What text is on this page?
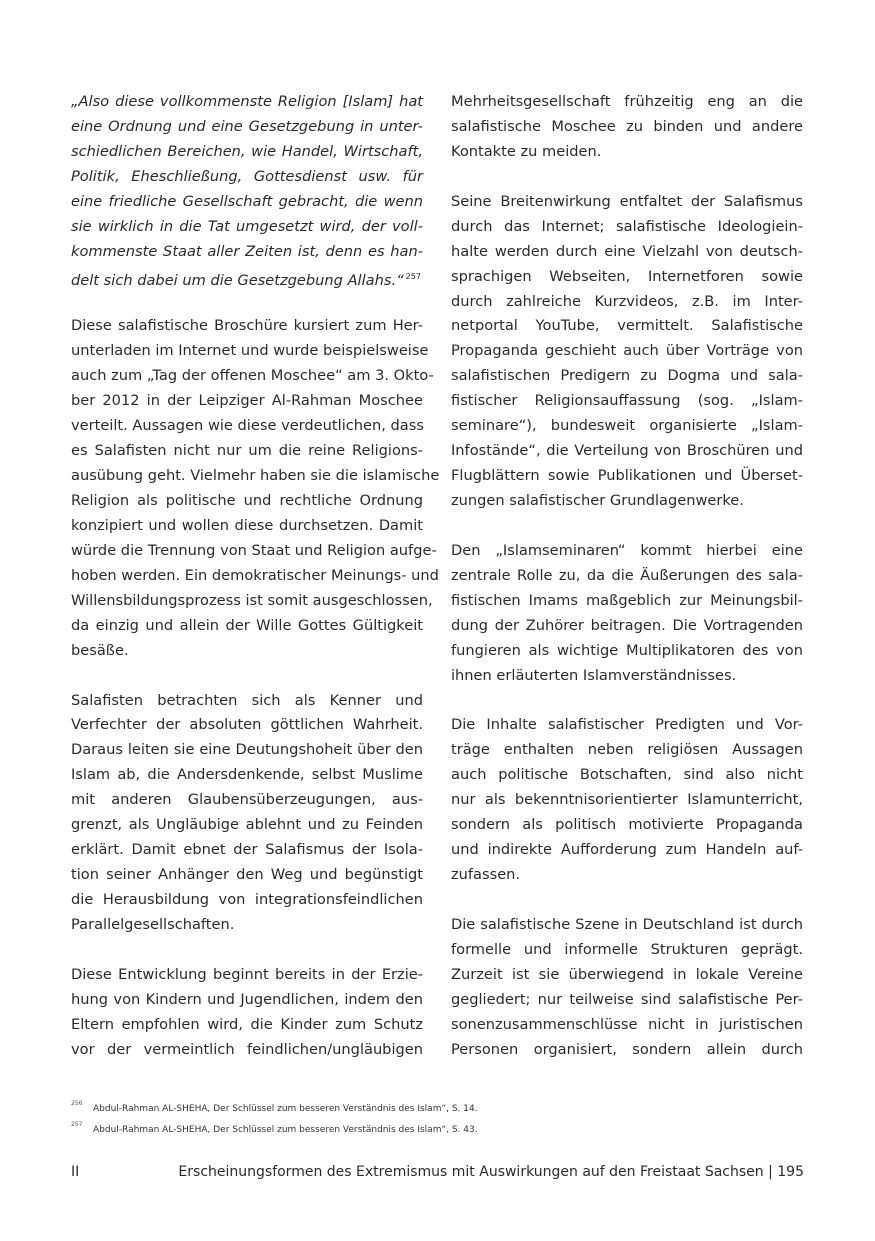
„Also diese vollkommenste Religion [Islam] hat
eine Ordnung und eine Gesetzgebung in unter-
schiedlichen Bereichen, wie Handel, Wirtschaft,
Politik, Eheschließung, Gottesdienst usw. für
eine friedliche Gesellschaft gebracht, die wenn
sie wirklich in die Tat umgesetzt wird, der voll-
kommenste Staat aller Zeiten ist, denn es han-
delt sich dabei um die Gesetzgebung Allahs.“ $^{257}$
Diese salafistische Broschüre kursiert zum Her-
unterladen im Internet und wurde beispielsweise
auch zum „Tag der offenen Moschee“ am 3. Okto-
ber 2012 in der Leipziger Al-Rahman Moschee
verteilt. Aussagen wie diese verdeutlichen, dass
es Salafisten nicht nur um die reine Religions-
ausübung geht. Vielmehr haben sie die islamische
Religion als politische und rechtliche Ordnung
konzipiert und wollen diese durchsetzen. Damit
würde die Trennung von Staat und Religion aufge-
hoben werden. Ein demokratischer Meinungs- und
Willensbildungsprozess ist somit ausgeschlossen,
da einzig und allein der Wille Gottes Gültigkeit
besäße.
Salafisten betrachten sich als Kenner und
Verfechter der absoluten göttlichen Wahrheit.
Daraus leiten sie eine Deutungshoheit über den
Islam ab, die Andersdenkende, selbst Muslime
mit anderen Glaubensüberzeugungen, aus-
grenzt, als Ungläubige ablehnt und zu Feinden
erklärt. Damit ebnet der Salafismus der Isola-
tion seiner Anhänger den Weg und begünstigt
die Herausbildung von integrationsfeindlichen
Parallelgesellschaften.
Diese Entwicklung beginnt bereits in der Erzie-
hung von Kindern und Jugendlichen, indem den
Eltern empfohlen wird, die Kinder zum Schutz
vor der vermeintlich feindlichen/ungläubigen
Mehrheitsgesellschaft frühzeitig eng an die
salafistische Moschee zu binden und andere
Kontakte zu meiden.
Seine Breitenwirkung entfaltet der Salafismus
durch das Internet; salafistische Ideologiein-
halte werden durch eine Vielzahl von deutsch-
sprachigen Webseiten, Internetforen sowie
durch zahlreiche Kurzvideos, z.B. im Inter-
netportal YouTube, vermittelt. Salafistische
Propaganda geschieht auch über Vorträge von
salafistischen Predigern zu Dogma und sala-
fistischer Religionsauffassung (sog. „Islam-
seminare“), bundesweit organisierte „Islam-
Infostände“, die Verteilung von Broschüren und
Flugblättern sowie Publikationen und Überset-
zungen salafistischer Grundlagenwerke.
Den „Islamseminaren“ kommt hierbei eine
zentrale Rolle zu, da die Äußerungen des sala-
fistischen Imams maßgeblich zur Meinungsbil-
dung der Zuhörer beitragen. Die Vortragenden
fungieren als wichtige Multiplikatoren des von
ihnen erläuterten Islamverständnisses.
Die Inhalte salafistischer Predigten und Vor-
träge enthalten neben religiösen Aussagen
auch politische Botschaften, sind also nicht
nur als bekenntnisorientierter Islamunterricht,
sondern als politisch motivierte Propaganda
und indirekte Aufforderung zum Handeln auf-
zufassen.
Die salafistische Szene in Deutschland ist durch
formelle und informelle Strukturen geprägt.
Zurzeit ist sie überwiegend in lokale Vereine
gegliedert; nur teilweise sind salafistische Per-
sonenzusammenschlüsse nicht in juristischen
Personen organisiert, sondern allein durch
256	Abdul-Rahman AL-SHEHA, Der Schlüssel zum besseren Verständnis des Islam“, S. 14.
257	Abdul-Rahman AL-SHEHA, Der Schlüssel zum besseren Verständnis des Islam“, S. 43.
II	Erscheinungsformen des Extremismus mit Auswirkungen auf den Freistaat Sachsen | 195
